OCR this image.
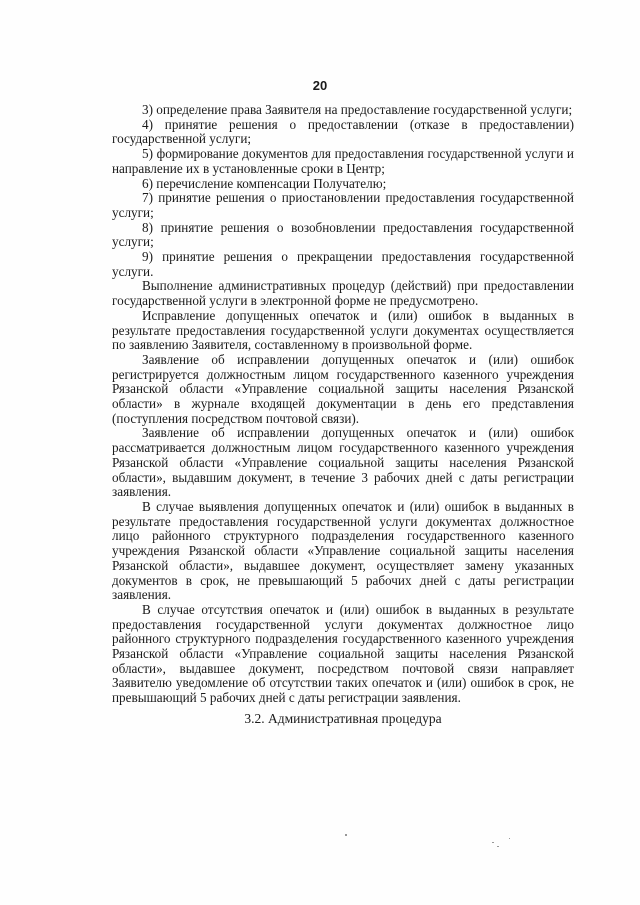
20

3) определение права Заявителя на предоставление государственной услуги;

4) принятие решения о предоставлении (отказе в предоставлении) государственной услуги;

5) формирование документов для предоставления государственной услуги и направление их в установленные сроки в Центр;

6) перечисление компенсации Получателю;

7) принятие решения о приостановлении предоставления государственной услуги;

8) принятие решения о возобновлении предоставления государственной услуги;

9) принятие решения о прекращении предоставления государственной услуги.

Выполнение административных процедур (действий) при предоставлении государственной услуги в электронной форме не предусмотрено.

Исправление допущенных опечаток и (или) ошибок в выданных в результате предоставления государственной услуги документах осуществляется по заявлению Заявителя, составленному в произвольной форме.

Заявление об исправлении допущенных опечаток и (или) ошибок регистрируется должностным лицом государственного казенного учреждения Рязанской области «Управление социальной защиты населения Рязанской области» в журнале входящей документации в день его представления (поступления посредством почтовой связи).

Заявление об исправлении допущенных опечаток и (или) ошибок рассматривается должностным лицом государственного казенного учреждения Рязанской области «Управление социальной защиты населения Рязанской области», выдавшим документ, в течение 3 рабочих дней с даты регистрации заявления.

В случае выявления допущенных опечаток и (или) ошибок в выданных в результате предоставления государственной услуги документах должностное лицо районного структурного подразделения государственного казенного учреждения Рязанской области «Управление социальной защиты населения Рязанской области», выдавшее документ, осуществляет замену указанных документов в срок, не превышающий 5 рабочих дней с даты регистрации заявления.

В случае отсутствия опечаток и (или) ошибок в выданных в результате предоставления государственной услуги документах должностное лицо районного структурного подразделения государственного казенного учреждения Рязанской области «Управление социальной защиты населения Рязанской области», выдавшее документ, посредством почтовой связи направляет Заявителю уведомление об отсутствии таких опечаток и (или) ошибок в срок, не превышающий 5 рабочих дней с даты регистрации заявления.

3.2. Административная процедура
